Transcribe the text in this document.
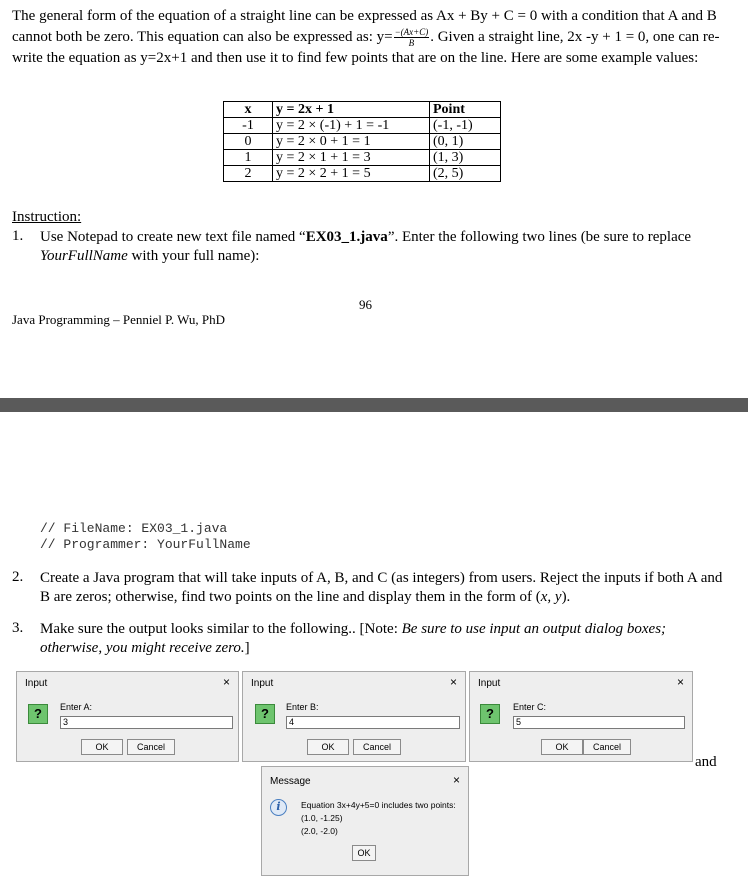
The general form of the equation of a straight line can be expressed as Ax + By + C = 0 with a condition that A and B cannot both be zero. This equation can also be expressed as: $y= \frac{-(Ax+C)}{B}$ . Given a straight line, 2x -y + 1 = 0, one can re-write the equation as y=2x+1 and then use it to find few points that are on the line. Here are some example values:
x	y = 2x + 1	Point
-1	y = 2 × (-1) + 1 = -1	(-1, -1)
0	y = 2 × 0 + 1 = 1	(0, 1)
1	y = 2 × 1 + 1 = 3	(1, 3)
2	y = 2 × 2 + 1 = 5	(2, 5)
Instruction:
1. Use Notepad to create new text file named “EX03_1.java”. Enter the following two lines (be sure to replace YourFullName with your full name):
96
Java Programming – Penniel P. Wu, PhD
// FileName: EX03_1.java
// Programmer: YourFullName
2. Create a Java program that will take inputs of A, B, and C (as integers) from users. Reject the inputs if both A and B are zeros; otherwise, find two points on the line and display them in the form of (x, y).
3. Make sure the output looks similar to the following.. [Note: Be sure to use input an output dialog boxes; otherwise, you might receive zero.]
Input	×
?	Enter A:
3
OK	Cancel
Input	×
?	Enter B:
4
OK	Cancel
Input	×
?	Enter C:
5
OK	Cancel
and
Message	×
i	Equation 3x+4y+5=0 includes two points:
(1.0, -1.25)
(2.0, -2.0)
OK
